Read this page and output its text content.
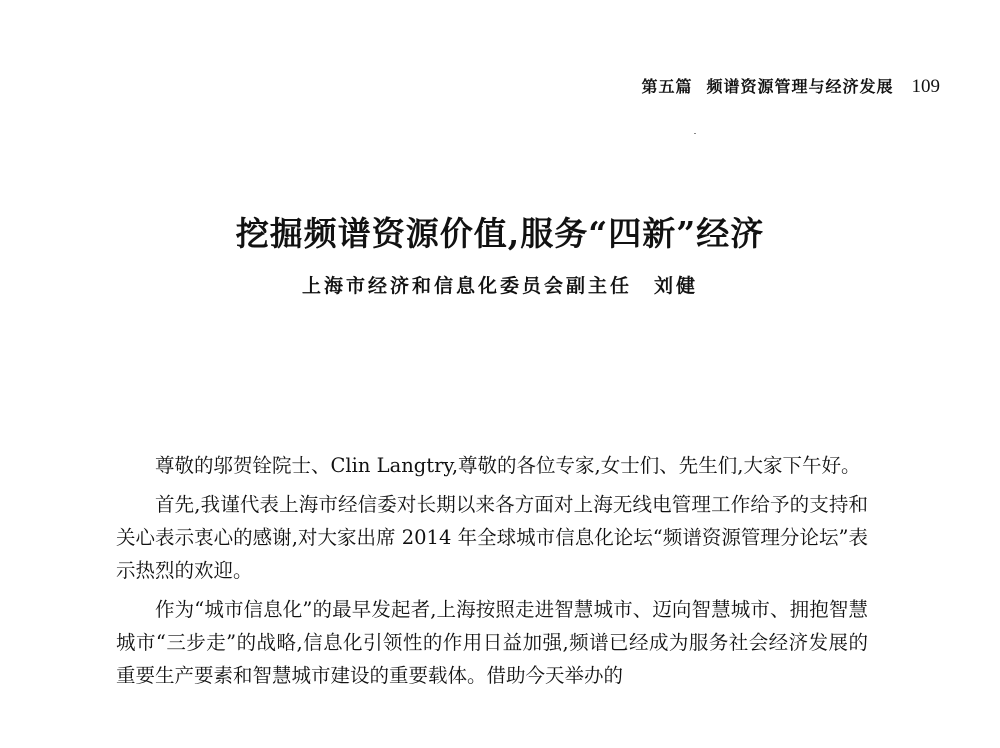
第五篇 频谱资源管理与经济发展 109
挖掘频谱资源价值,服务“四新”经济
上海市经济和信息化委员会副主任 刘健

尊敬的邬贺铨院士、Clin Langtry,尊敬的各位专家,女士们、先生们,大家下午好。

首先,我谨代表上海市经信委对长期以来各方面对上海无线电管理工作给予的支持和关心表示衷心的感谢,对大家出席 2014 年全球城市信息化论坛“频谱资源管理分论坛”表示热烈的欢迎。

作为“城市信息化”的最早发起者,上海按照走进智慧城市、迈向智慧城市、拥抱智慧城市“三步走”的战略,信息化引领性的作用日益加强,频谱已经成为服务社会经济发展的重要生产要素和智慧城市建设的重要载体。借助今天举办的
